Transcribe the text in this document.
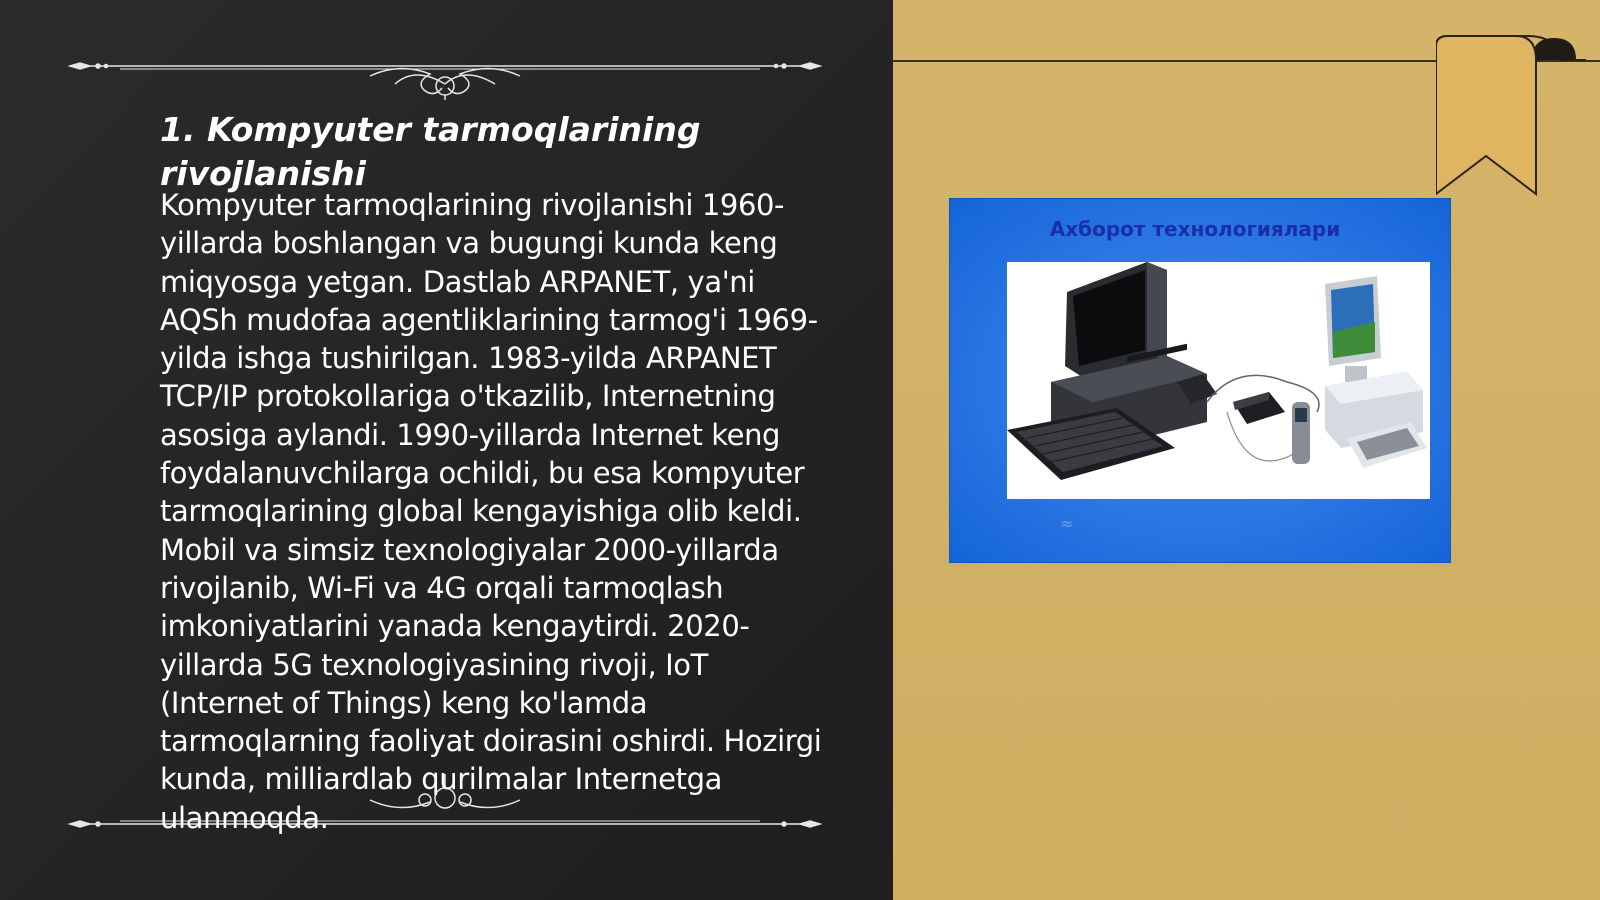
1. Kompyuter tarmoqlarining rivojlanishi

Kompyuter tarmoqlarining rivojlanishi 1960-yillarda boshlangan va bugungi kunda keng miqyosga yetgan. Dastlab ARPANET, ya'ni AQSh mudofaa agentliklarining tarmog'i 1969-yilda ishga tushirilgan. 1983-yilda ARPANET TCP/IP protokollariga o'tkazilib, Internetning asosiga aylandi. 1990-yillarda Internet keng foydalanuvchilarga ochildi, bu esa kompyuter tarmoqlarining global kengayishiga olib keldi. Mobil va simsiz texnologiyalar 2000-yillarda rivojlanib, Wi-Fi va 4G orqali tarmoqlash imkoniyatlarini yanada kengaytirdi. 2020-yillarda 5G texnologiyasining rivoji, IoT (Internet of Things) keng ko'lamda tarmoqlarning faoliyat doirasini oshirdi. Hozirgi kunda, milliardlab qurilmalar Internetga ulanmoqda.

Ахборот технологиялари
≈
